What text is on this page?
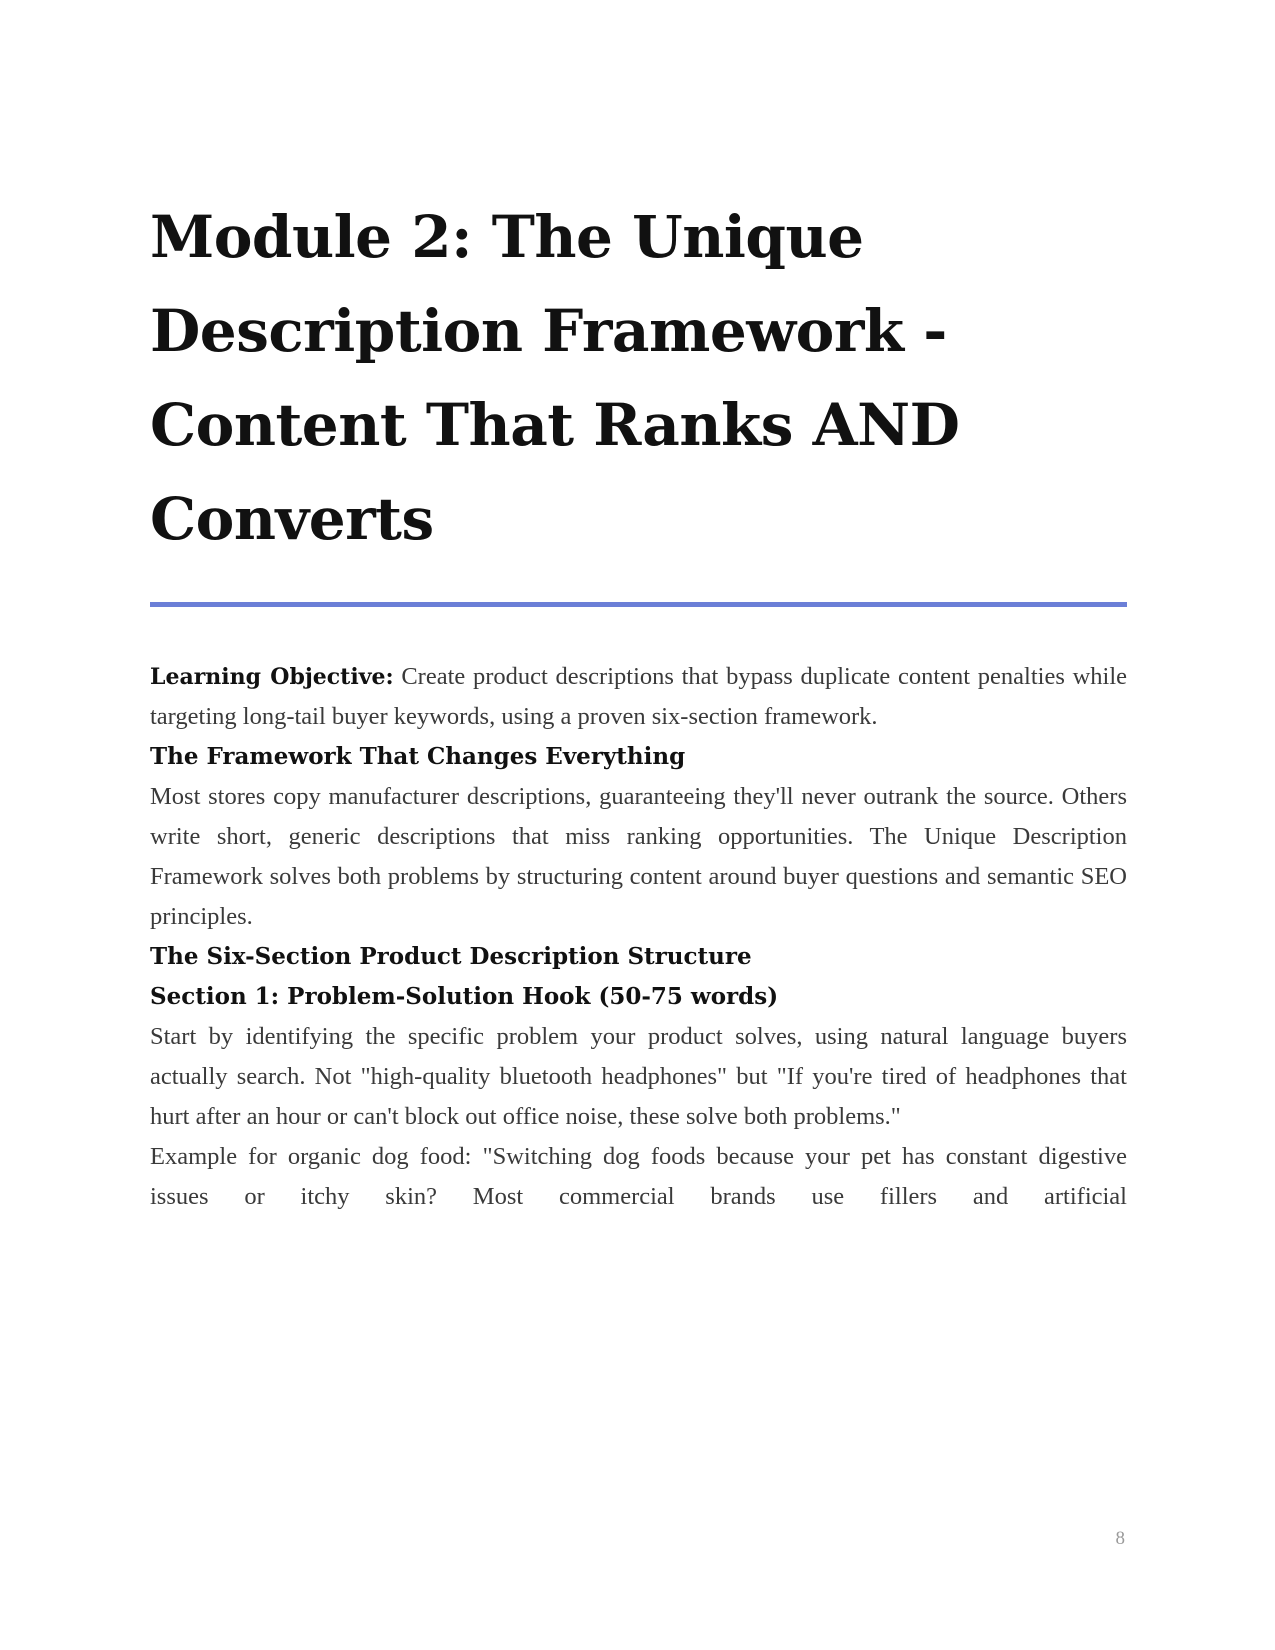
Module 2: The Unique Description Framework - Content That Ranks AND Converts

Learning Objective: Create product descriptions that bypass duplicate content penalties while targeting long-tail buyer keywords, using a proven six-section framework.

The Framework That Changes Everything

Most stores copy manufacturer descriptions, guaranteeing they'll never outrank the source. Others write short, generic descriptions that miss ranking opportunities. The Unique Description Framework solves both problems by structuring content around buyer questions and semantic SEO principles.

The Six-Section Product Description Structure
Section 1: Problem-Solution Hook (50-75 words)

Start by identifying the specific problem your product solves, using natural language buyers actually search. Not "high-quality bluetooth headphones" but "If you're tired of headphones that hurt after an hour or can't block out office noise, these solve both problems."

Example for organic dog food: "Switching dog foods because your pet has constant digestive issues or itchy skin? Most commercial brands use fillers and artificial

8
